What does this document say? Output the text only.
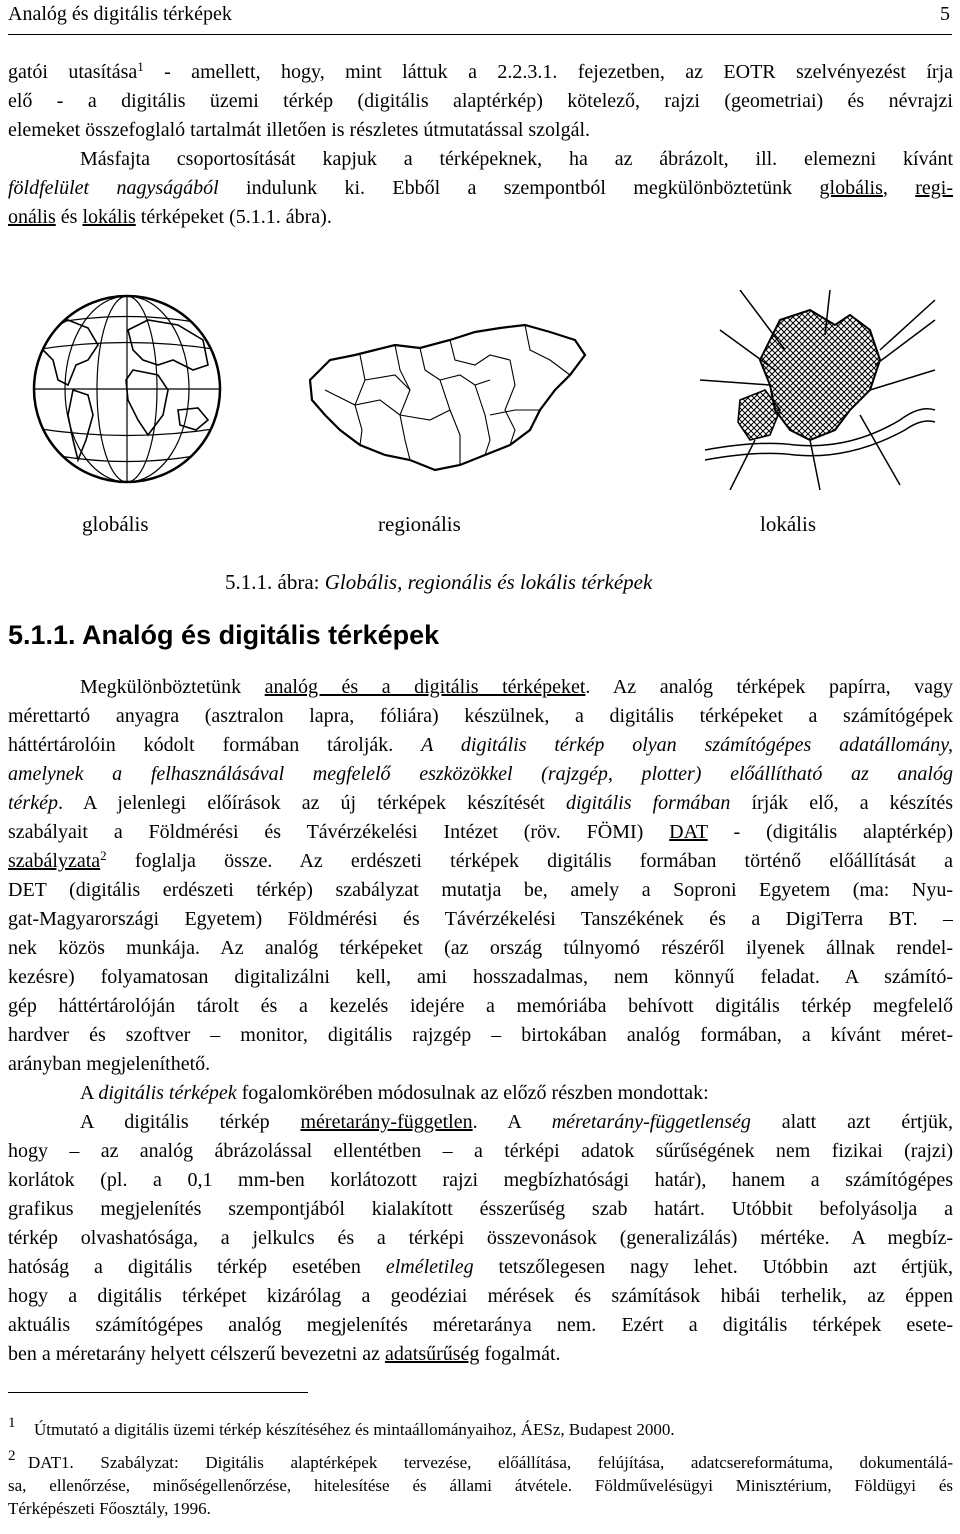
Analóg és digitális térképek	5
gatói utasítása$^1$ - amellett, hogy, mint láttuk a 2.2.3.1. fejezetben, az EOTR szelvényezést írja
elő - a digitális üzemi térkép (digitális alaptérkép) kötelező, rajzi (geometriai) és névrajzi
elemeket összefoglaló tartalmát illetően is részletes útmutatással szolgál.
Másfajta csoportosítását kapjuk a térképeknek, ha az ábrázolt, ill. elemezni kívánt
földfelület nagyságából indulunk ki. Ebből a szempontból megkülönböztetünk globális, regi-
onális és lokális térképeket (5.1.1. ábra).
globális	regionális	lokális
5.1.1. ábra: Globális, regionális és lokális térképek
5.1.1. Analóg és digitális térképek
Megkülönböztetünk analóg és a digitális térképeket. Az analóg térképek papírra, vagy
mérettartó anyagra (asztralon lapra, fóliára) készülnek, a digitális térképeket a számítógépek
háttértárolóin kódolt formában tárolják. A digitális térkép olyan számítógépes adatállomány,
amelynek a felhasználásával megfelelő eszközökkel (rajzgép, plotter) előállítható az analóg
térkép. A jelenlegi előírások az új térképek készítését digitális formában írják elő, a készítés
szabályait a Földmérési és Távérzékelési Intézet (röv. FÖMI) DAT - (digitális alaptérkép)
szabályzata$^2$ foglalja össze. Az erdészeti térképek digitális formában történő előállítását a
DET (digitális erdészeti térkép) szabályzat mutatja be, amely a Soproni Egyetem (ma: Nyu-
gat-Magyarországi Egyetem) Földmérési és Távérzékelési Tanszékének és a DigiTerra BT. –
nek közös munkája. Az analóg térképeket (az ország túlnyomó részéről ilyenek állnak rendel-
kezésre) folyamatosan digitalizálni kell, ami hosszadalmas, nem könnyű feladat. A számító-
gép háttértárolóján tárolt és a kezelés idejére a memóriába behívott digitális térkép megfelelő
hardver és szoftver – monitor, digitális rajzgép – birtokában analóg formában, a kívánt méret-
arányban megjeleníthető.
A digitális térképek fogalomkörében módosulnak az előző részben mondottak:
A digitális térkép méretarány-független. A méretarány-függetlenség alatt azt értjük,
hogy – az analóg ábrázolással ellentétben – a térképi adatok sűrűségének nem fizikai (rajzi)
korlátok (pl. a 0,1 mm-ben korlátozott rajzi megbízhatósági határ), hanem a számítógépes
grafikus megjelenítés szempontjából kialakított ésszerűség szab határt. Utóbbit befolyásolja a
térkép olvashatósága, a jelkulcs és a térképi összevonások (generalizálás) mértéke. A megbíz-
hatóság a digitális térkép esetében elméletileg tetszőlegesen nagy lehet. Utóbbin azt értjük,
hogy a digitális térképet kizárólag a geodéziai mérések és számítások hibái terhelik, az éppen
aktuális számítógépes analóg megjelenítés méretaránya nem. Ezért a digitális térképek esete-
ben a méretarány helyett célszerű bevezetni az adatsűrűség fogalmát.
1	Útmutató a digitális üzemi térkép készítéséhez és mintaállományaihoz, ÁESz, Budapest 2000.
2 DAT1. Szabályzat: Digitális alaptérképek tervezése, előállítása, felújítása, adatcsereformátuma, dokumentálá-
sa, ellenőrzése, minőségellenőrzése, hitelesítése és állami átvétele. Földművelésügyi Minisztérium, Földügyi és
Térképészeti Főosztály, 1996.
